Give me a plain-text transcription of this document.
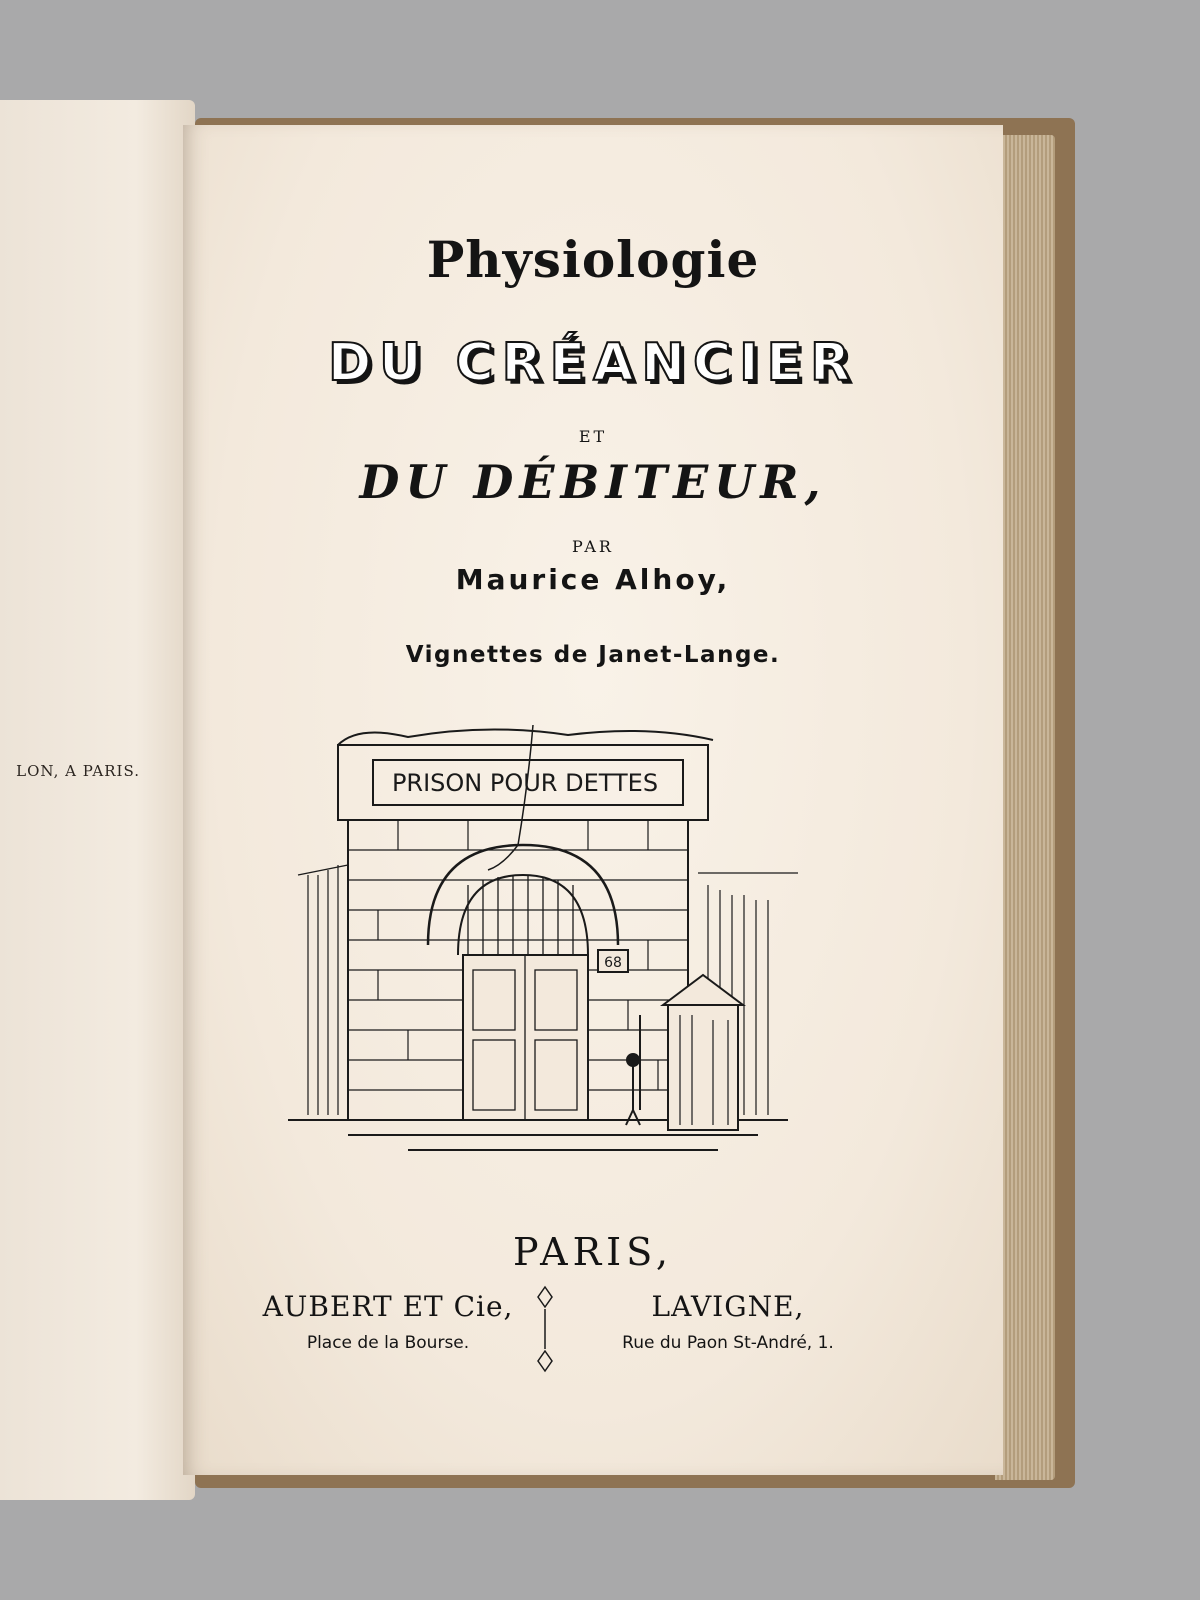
LON, A PARIS.
Physiologie
DU CRÉANCIER
ET
DU DÉBITEUR,
PAR
Maurice Alhoy,
Vignettes de Janet-Lange.
PRISON POUR DETTES
68
PARIS,
AUBERT ET Cie,
Place de la Bourse.
LAVIGNE,
Rue du Paon St-André, 1.
